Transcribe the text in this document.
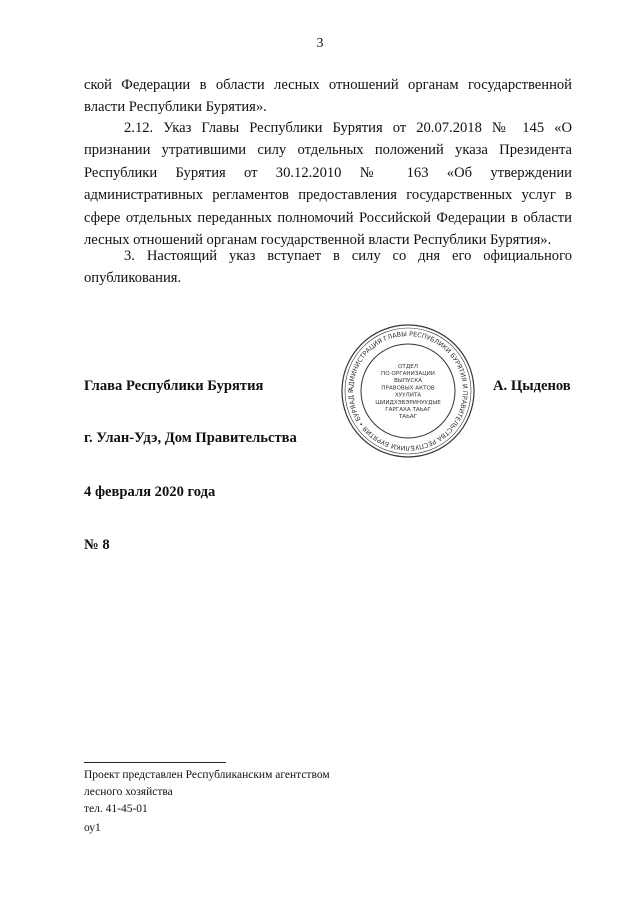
3
ской Федерации в области лесных отношений органам государственной власти Республики Бурятия».
2.12. Указ Главы Республики Бурятия от 20.07.2018 № 145 «О признании утратившими силу отдельных положений указа Президента Республики Бурятия от 30.12.2010 № 163 «Об утверждении административных регламентов предоставления государственных услуг в сфере отдельных переданных полномочий Российской Федерации в области лесных отношений органам государственной власти Республики Бурятия».
3. Настоящий указ вступает в силу со дня его официального опубликования.
Глава Республики Бурятия	А. Цыденов
АДМИНИСТРАЦИЯ ГЛАВЫ РЕСПУБЛИКИ БУРЯТИЯ И ПРАВИТЕЛЬСТВА РЕСПУБЛИКИ БУРЯТИЯ • БУРЯАД Р
ОТДЕЛ
ПО ОРГАНИЗАЦИИ
ВЫПУСКА
ПРАВОВЫХ АКТОВ
ХУУЛИТА
ШИИДХЭБЭРИНУУДЫЕ
ГАРГАХА ТАЬАГ
ТАЬАГ
г. Улан-Удэ, Дом Правительства
4 февраля 2020 года
№ 8
Проект представлен Республиканским агентством
лесного хозяйства
тел. 41-45-01
оу1
